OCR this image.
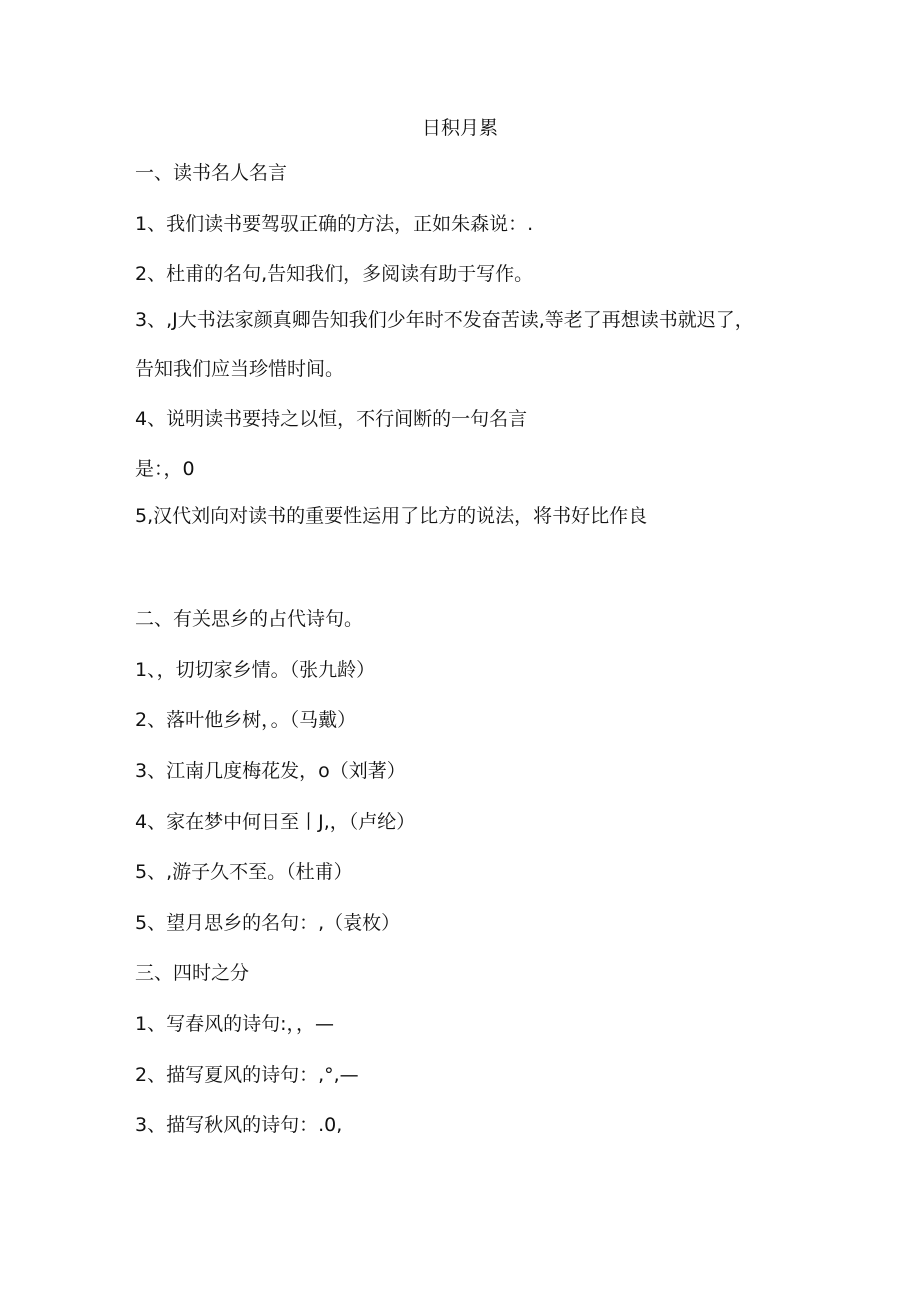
日积月累
一、读书名人名言
1、我们读书要驾驭正确的方法，正如朱森说：.
2、杜甫的名句,告知我们，多阅读有助于写作。
3、,J大书法家颜真卿告知我们少年时不发奋苦读,等老了再想读书就迟了，
告知我们应当珍惜时间。
4、说明读书要持之以恒，不行间断的一句名言
是：，0
5,汉代刘向对读书的重要性运用了比方的说法，将书好比作良
二、有关思乡的占代诗句。
1、，切切家乡情。（张九龄）
2、落叶他乡树，。（马戴）
3、江南几度梅花发，o（刘著）
4、家在梦中何日至丨J,，（卢纶）
5、,游子久不至。（杜甫）
5、望月思乡的名句：,（袁枚）
三、四时之分
1、写春风的诗句:，，—
2、描写夏风的诗句：,°,—
3、描写秋风的诗句：.0,
